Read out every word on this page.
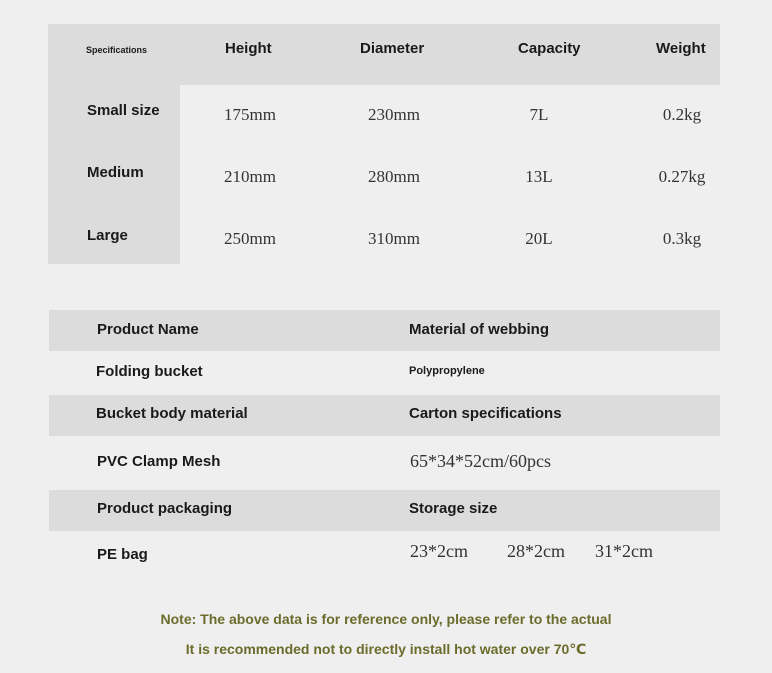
Specifications	Height	Diameter	Capacity	Weight
Small size	175mm	230mm	7L	0.2kg
Medium	210mm	280mm	13L	0.27kg
Large	250mm	310mm	20L	0.3kg
Product Name	Material of webbing
Folding bucket	Polypropylene
Bucket body material	Carton specifications
PVC Clamp Mesh	65*34*52cm/60pcs
Product packaging	Storage size
PE bag	23*2cm 28*2cm 31*2cm
Note: The above data is for reference only, please refer to the actual
It is recommended not to directly install hot water over 70℃
